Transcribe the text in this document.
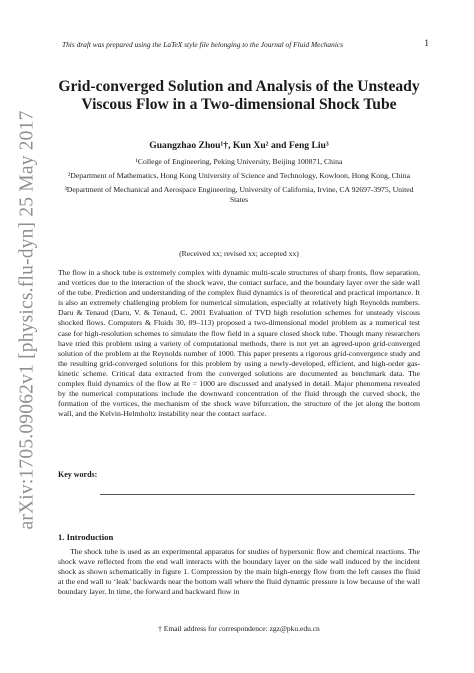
arXiv:1705.09062v1 [physics.flu-dyn] 25 May 2017
This draft was prepared using the LaTeX style file belonging to the Journal of Fluid Mechanics	1
Grid-converged Solution and Analysis of the Unsteady Viscous Flow in a Two-dimensional Shock Tube
Guangzhao Zhou¹†, Kun Xu² and Feng Liu³
¹College of Engineering, Peking University, Beijing 100871, China
²Department of Mathematics, Hong Kong University of Science and Technology, Kowloon, Hong Kong, China
³Department of Mechanical and Aerospace Engineering, University of California, Irvine, CA 92697-3975, United States
(Received xx; revised xx; accepted xx)
The flow in a shock tube is extremely complex with dynamic multi-scale structures of sharp fronts, flow separation, and vortices due to the interaction of the shock wave, the contact surface, and the boundary layer over the side wall of the tube. Prediction and understanding of the complex fluid dynamics is of theoretical and practical importance. It is also an extremely challenging problem for numerical simulation, especially at relatively high Reynolds numbers. Daru & Tenaud (Daru, V. & Tenaud, C. 2001 Evaluation of TVD high resolution schemes for unsteady viscous shocked flows. Computers & Fluids 30, 89–113) proposed a two-dimensional model problem as a numerical test case for high-resolution schemes to simulate the flow field in a square closed shock tube. Though many researchers have tried this problem using a variety of computational methods, there is not yet an agreed-upon grid-converged solution of the problem at the Reynolds number of 1000. This paper presents a rigorous grid-convergence study and the resulting grid-converged solutions for this problem by using a newly-developed, efficient, and high-order gas-kinetic scheme. Critical data extracted from the converged solutions are documented as benchmark data. The complex fluid dynamics of the flow at Re = 1000 are discussed and analysed in detail. Major phenomena revealed by the numerical computations include the downward concentration of the fluid through the curved shock, the formation of the vortices, the mechanism of the shock wave bifurcation, the structure of the jet along the bottom wall, and the Kelvin-Helmholtz instability near the contact surface.
Key words:
1. Introduction
The shock tube is used as an experimental apparatus for studies of hypersonic flow and chemical reactions. The shock wave reflected from the end wall interacts with the boundary layer on the side wall induced by the incident shock as shown schematically in figure 1. Compression by the main high-energy flow from the left causes the fluid at the end wall to ‘leak’ backwards near the bottom wall where the fluid dynamic pressure is low because of the wall boundary layer. In time, the forward and backward flow in
† Email address for correspondence: zgz@pku.edu.cn
